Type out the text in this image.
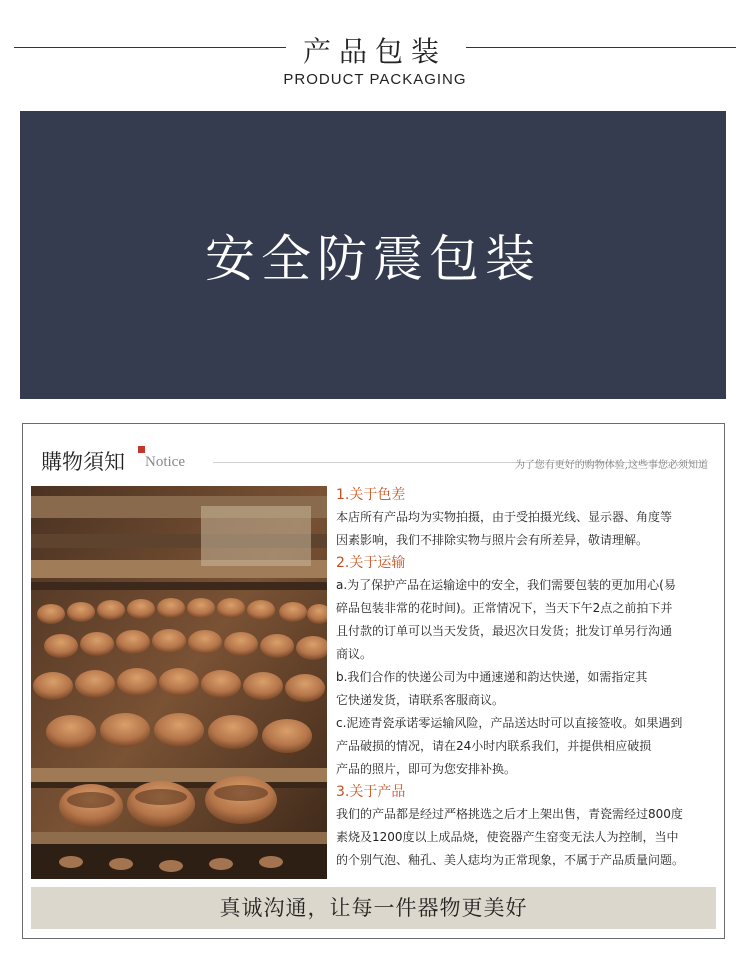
产品包装
PRODUCT PACKAGING
安全防震包装
購物須知 Notice	为了您有更好的购物体验,这些事您必须知道

1.关于色差

本店所有产品均为实物拍摄，由于受拍摄光线、显示器、角度等

因素影响，我们不排除实物与照片会有所差异，敬请理解。

2.关于运输

a.为了保护产品在运输途中的安全，我们需要包装的更加用心(易

碎品包装非常的花时间)。正常情况下，当天下午2点之前拍下并

且付款的订单可以当天发货，最迟次日发货；批发订单另行沟通

商议。

b.我们合作的快递公司为中通速递和韵达快递，如需指定其

它快递发货，请联系客服商议。

c.泥迹青瓷承诺零运输风险，产品送达时可以直接签收。如果遇到

产品破损的情况，请在24小时内联系我们，并提供相应破损

产品的照片，即可为您安排补换。

3.关于产品

我们的产品都是经过严格挑选之后才上架出售，青瓷需经过800度

素烧及1200度以上成品烧，使瓷器产生窑变无法人为控制，当中

的个别气泡、釉孔、美人痣均为正常现象，不属于产品质量问题。

真诚沟通，让每一件器物更美好
